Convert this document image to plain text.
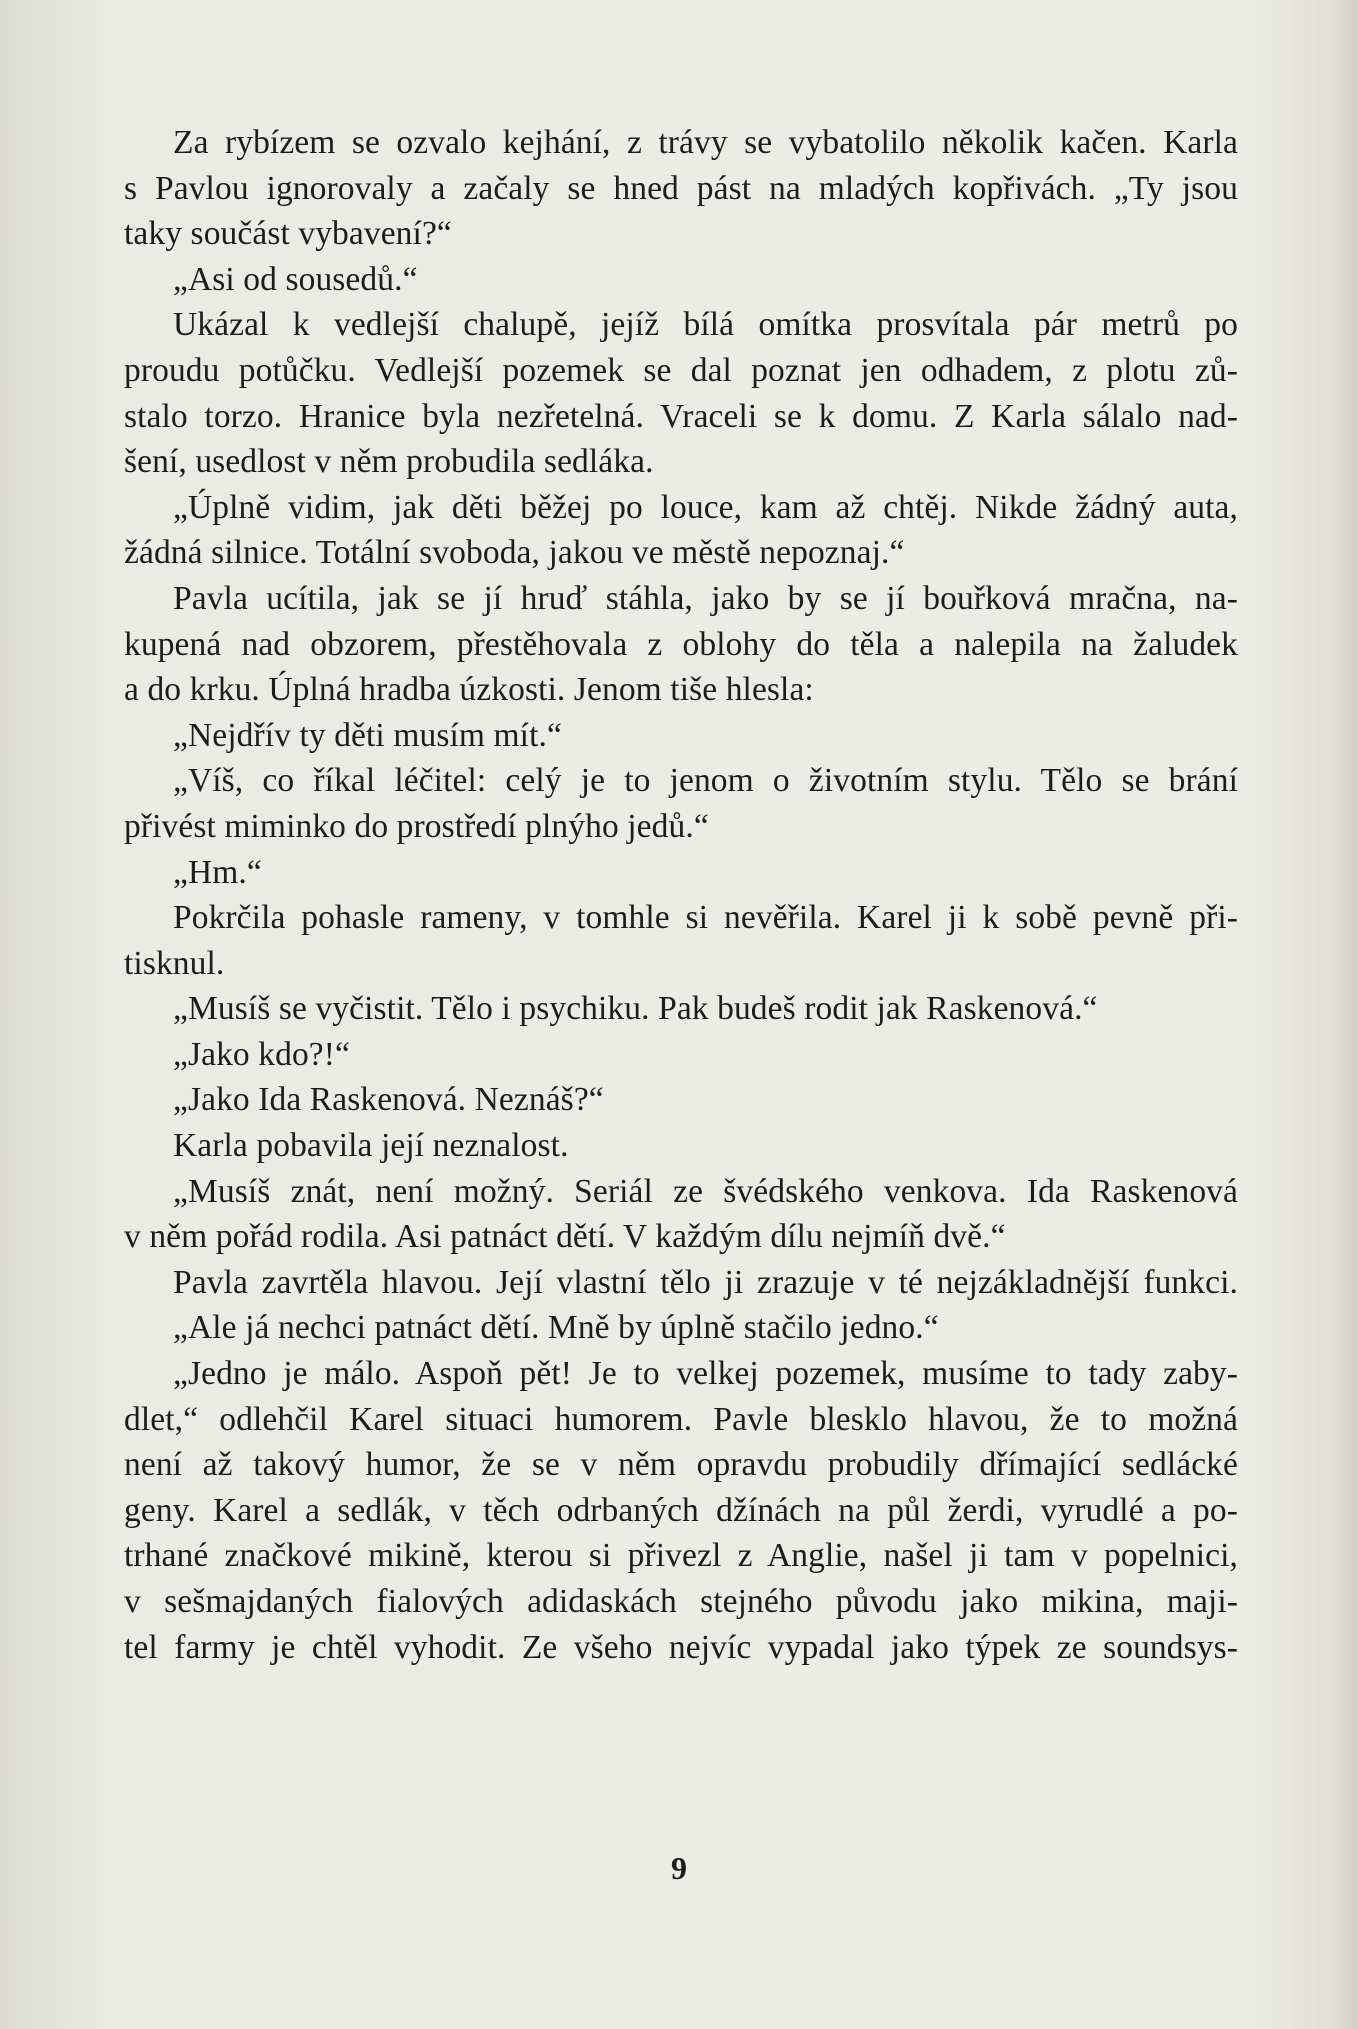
Za rybízem se ozvalo kejhání, z trávy se vybatolilo několik kačen. Karla
s Pavlou ignorovaly a začaly se hned pást na mladých kopřivách. „Ty jsou
taky součást vybavení?“
„Asi od sousedů.“
Ukázal k vedlejší chalupě, jejíž bílá omítka prosvítala pár metrů po
proudu potůčku. Vedlejší pozemek se dal poznat jen odhadem, z plotu zů-
stalo torzo. Hranice byla nezřetelná. Vraceli se k domu. Z Karla sálalo nad-
šení, usedlost v něm probudila sedláka.
„Úplně vidim, jak děti běžej po louce, kam až chtěj. Nikde žádný auta,
žádná silnice. Totální svoboda, jakou ve městě nepoznaj.“
Pavla ucítila, jak se jí hruď stáhla, jako by se jí bouřková mračna, na-
kupená nad obzorem, přestěhovala z oblohy do těla a nalepila na žaludek
a do krku. Úplná hradba úzkosti. Jenom tiše hlesla:
„Nejdřív ty děti musím mít.“
„Víš, co říkal léčitel: celý je to jenom o životním stylu. Tělo se brání
přivést miminko do prostředí plnýho jedů.“
„Hm.“
Pokrčila pohasle rameny, v tomhle si nevěřila. Karel ji k sobě pevně při-
tisknul.
„Musíš se vyčistit. Tělo i psychiku. Pak budeš rodit jak Raskenová.“
„Jako kdo?!“
„Jako Ida Raskenová. Neznáš?“
Karla pobavila její neznalost.
„Musíš znát, není možný. Seriál ze švédského venkova. Ida Raskenová
v něm pořád rodila. Asi patnáct dětí. V každým dílu nejmíň dvě.“
Pavla zavrtěla hlavou. Její vlastní tělo ji zrazuje v té nejzákladnější funkci.
„Ale já nechci patnáct dětí. Mně by úplně stačilo jedno.“
„Jedno je málo. Aspoň pět! Je to velkej pozemek, musíme to tady zaby-
dlet,“ odlehčil Karel situaci humorem. Pavle blesklo hlavou, že to možná
není až takový humor, že se v něm opravdu probudily dřímající sedlácké
geny. Karel a sedlák, v těch odrbaných džínách na půl žerdi, vyrudlé a po-
trhané značkové mikině, kterou si přivezl z Anglie, našel ji tam v popelnici,
v sešmajdaných fialových adidaskách stejného původu jako mikina, maji-
tel farmy je chtěl vyhodit. Ze všeho nejvíc vypadal jako týpek ze soundsys-
9
